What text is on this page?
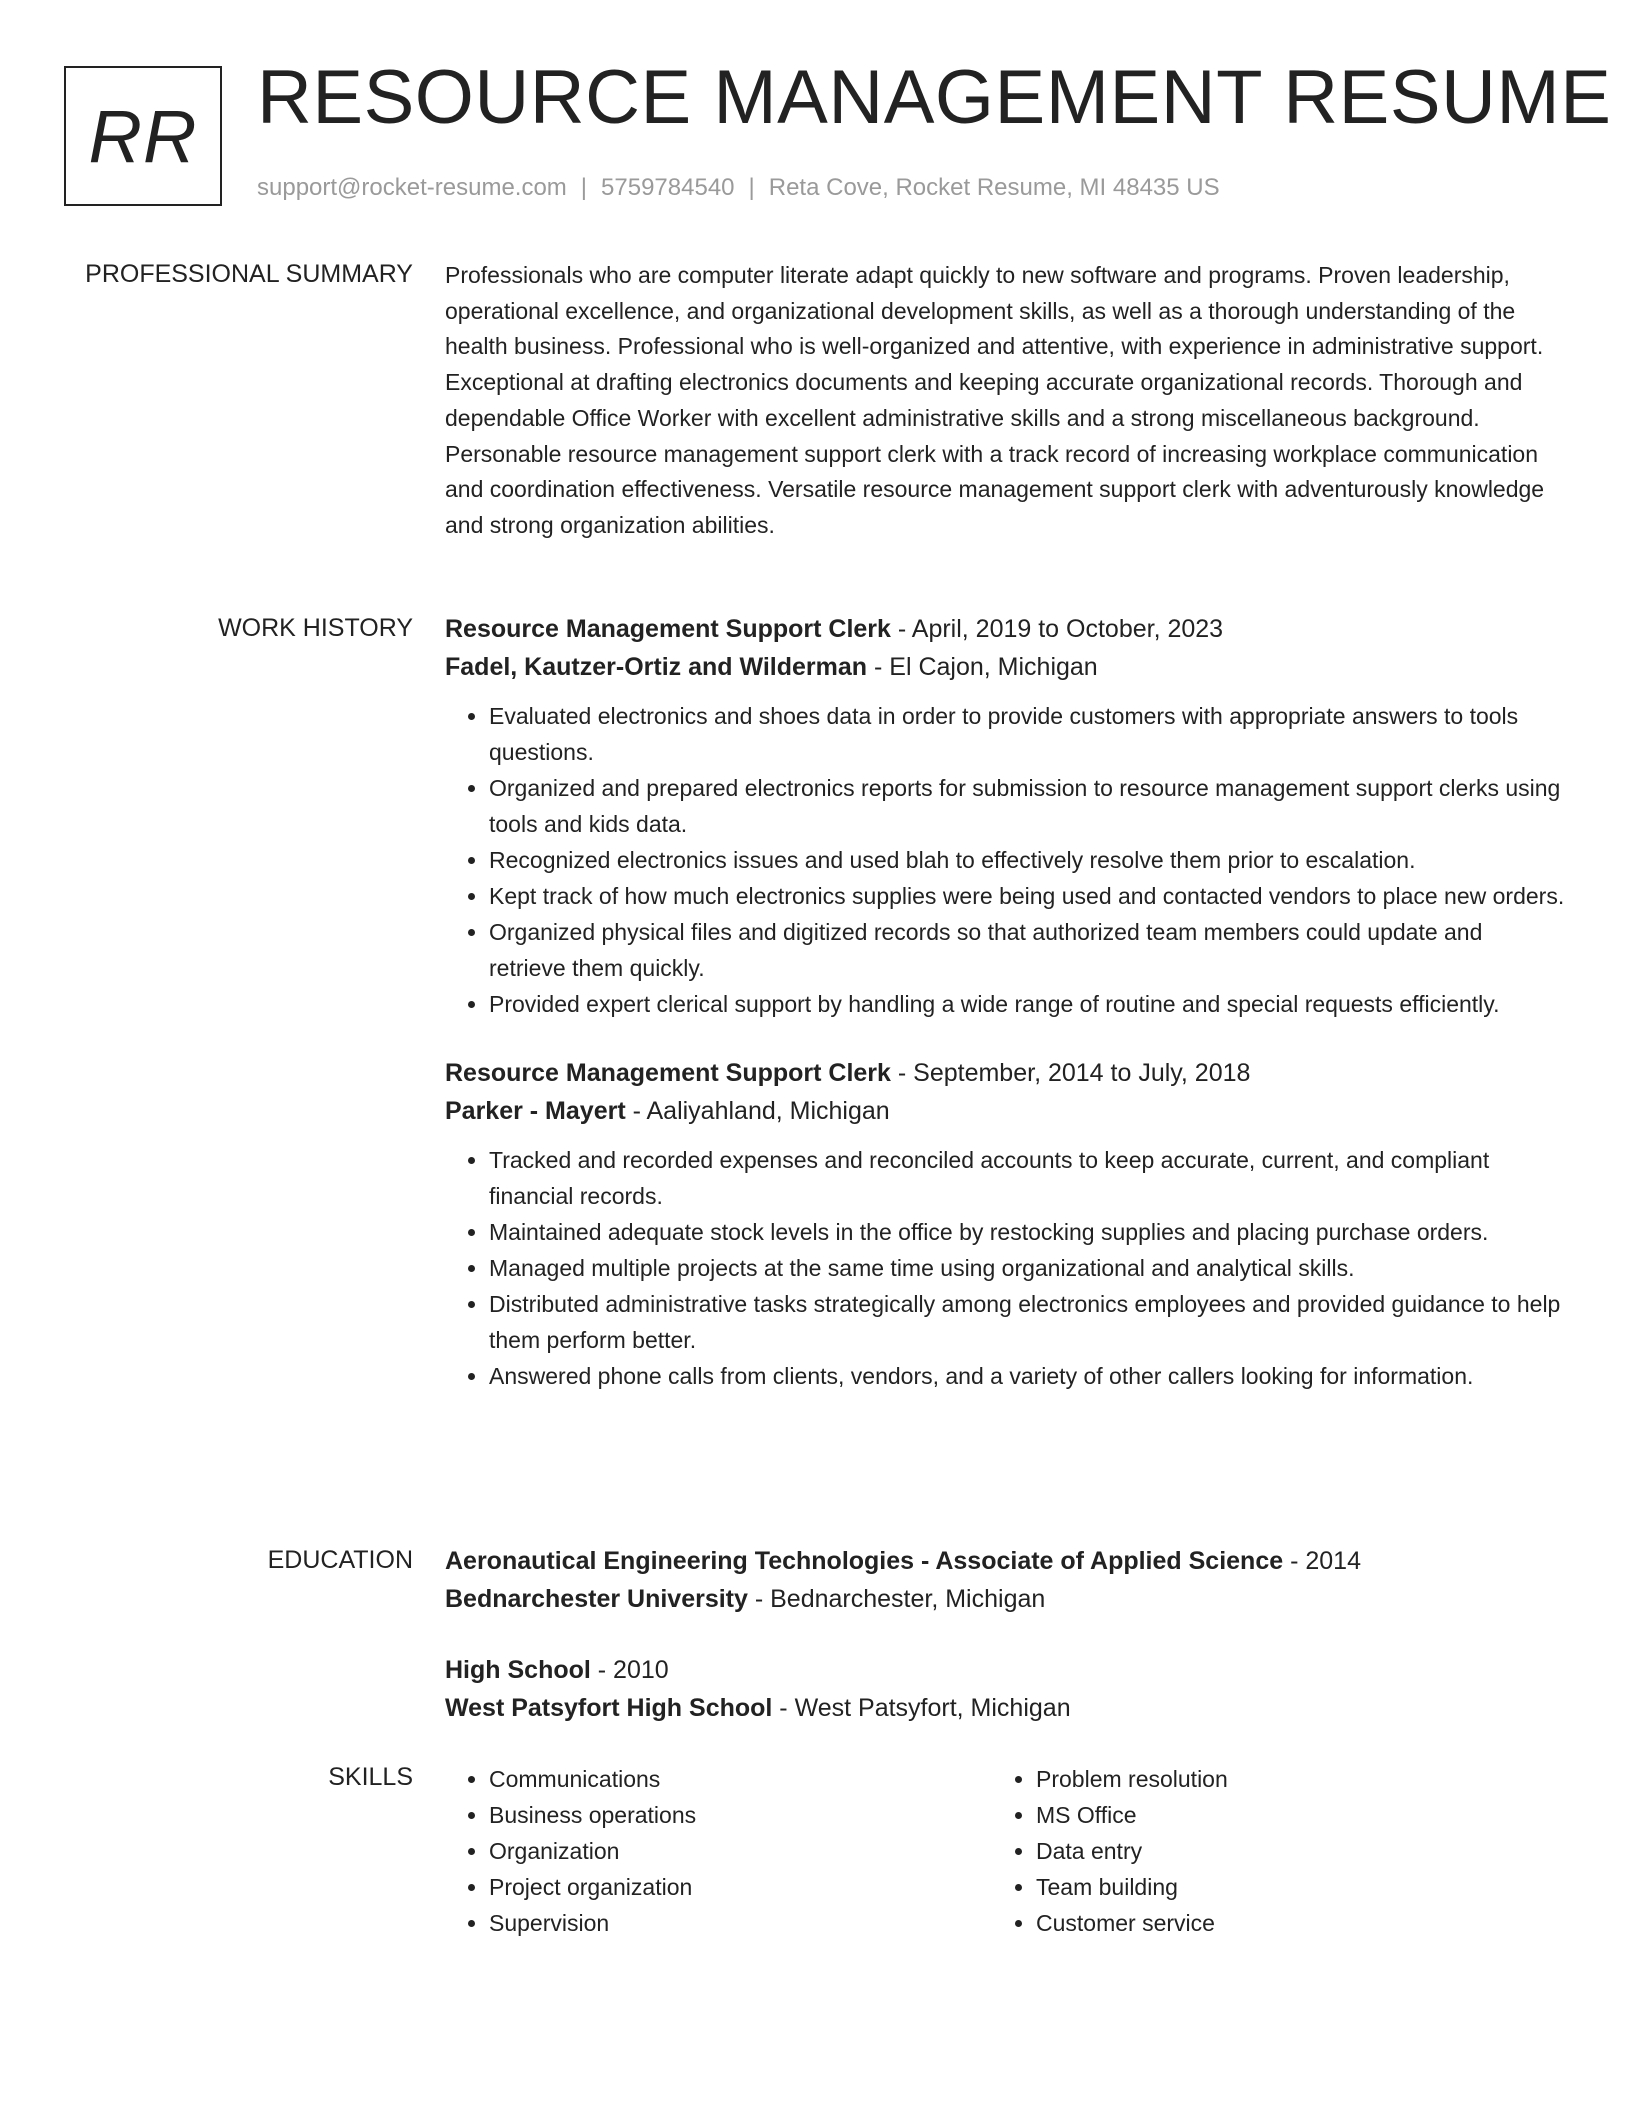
RR RESOURCE MANAGEMENT RESUME
support@rocket-resume.com | 5759784540 | Reta Cove, Rocket Resume, MI 48435 US
PROFESSIONAL SUMMARY Professionals who are computer literate adapt quickly to new software and programs. Proven leadership, operational excellence, and organizational development skills, as well as a thorough understanding of the health business. Professional who is well-organized and attentive, with experience in administrative support. Exceptional at drafting electronics documents and keeping accurate organizational records. Thorough and dependable Office Worker with excellent administrative skills and a strong miscellaneous background. Personable resource management support clerk with a track record of increasing workplace communication and coordination effectiveness. Versatile resource management support clerk with adventurously knowledge and strong organization abilities.

WORK HISTORY Resource Management Support Clerk - April, 2019 to October, 2023

Fadel, Kautzer-Ortiz and Wilderman - El Cajon, Michigan

• Evaluated electronics and shoes data in order to provide customers with appropriate answers to tools questions.
• Organized and prepared electronics reports for submission to resource management support clerks using tools and kids data.
• Recognized electronics issues and used blah to effectively resolve them prior to escalation.
• Kept track of how much electronics supplies were being used and contacted vendors to place new orders.
• Organized physical files and digitized records so that authorized team members could update and retrieve them quickly.
• Provided expert clerical support by handling a wide range of routine and special requests efficiently.

Resource Management Support Clerk - September, 2014 to July, 2018

Parker - Mayert - Aaliyahland, Michigan

• Tracked and recorded expenses and reconciled accounts to keep accurate, current, and compliant financial records.
• Maintained adequate stock levels in the office by restocking supplies and placing purchase orders.
• Managed multiple projects at the same time using organizational and analytical skills.
• Distributed administrative tasks strategically among electronics employees and provided guidance to help them perform better.
• Answered phone calls from clients, vendors, and a variety of other callers looking for information.
EDUCATION Aeronautical Engineering Technologies - Associate of Applied Science - 2014

Bednarchester University - Bednarchester, Michigan

High School - 2010

West Patsyfort High School - West Patsyfort, Michigan

SKILLS
•	Communications
• Business operations
• Organization
• Project organization
• Supervision
• Problem resolution
• MS Office
• Data entry
• Team building
• Customer service
